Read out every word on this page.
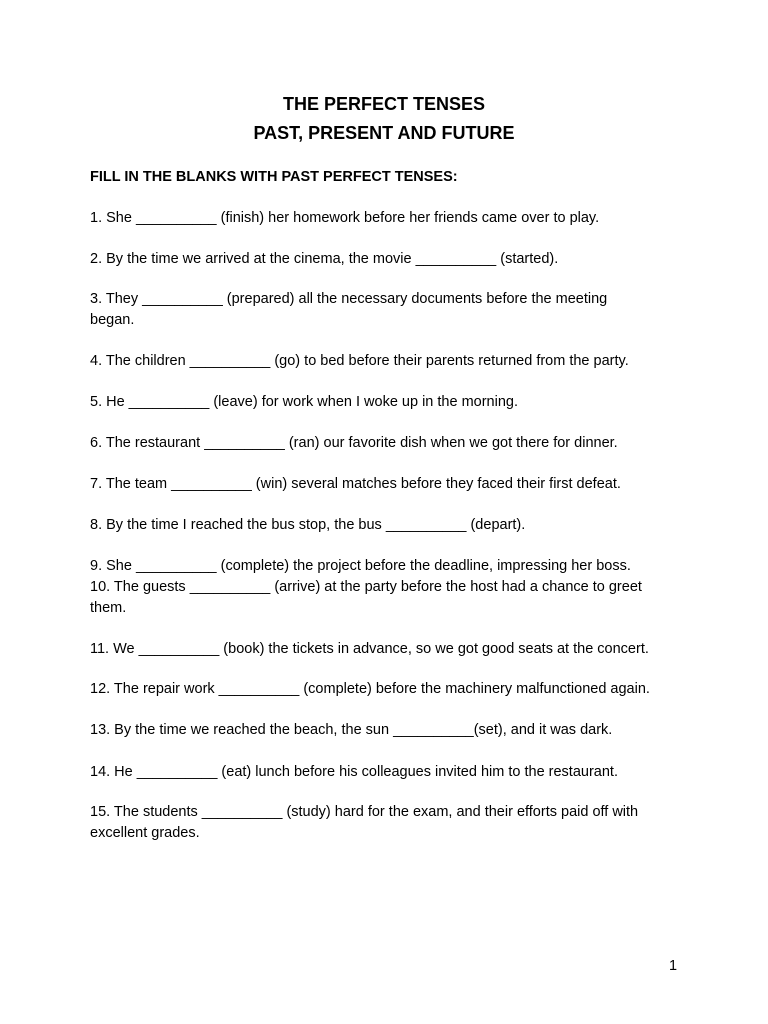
THE PERFECT TENSES
PAST, PRESENT AND FUTURE

FILL IN THE BLANKS WITH PAST PERFECT TENSES:

1. She __________ (finish) her homework before her friends came over to play.

2. By the time we arrived at the cinema, the movie __________ (started).

3. They __________ (prepared) all the necessary documents before the meeting began.

4. The children __________ (go) to bed before their parents returned from the party.

5. He __________ (leave) for work when I woke up in the morning.

6. The restaurant __________ (ran) our favorite dish when we got there for dinner.

7. The team __________ (win) several matches before they faced their first defeat.

8. By the time I reached the bus stop, the bus __________ (depart).

9. She __________ (complete) the project before the deadline, impressing her boss.

10. The guests __________ (arrive) at the party before the host had a chance to greet them.

11. We __________ (book) the tickets in advance, so we got good seats at the concert.

12. The repair work __________ (complete) before the machinery malfunctioned again.

13. By the time we reached the beach, the sun __________(set), and it was dark.

14. He __________ (eat) lunch before his colleagues invited him to the restaurant.

15. The students __________ (study) hard for the exam, and their efforts paid off with excellent grades.

1
